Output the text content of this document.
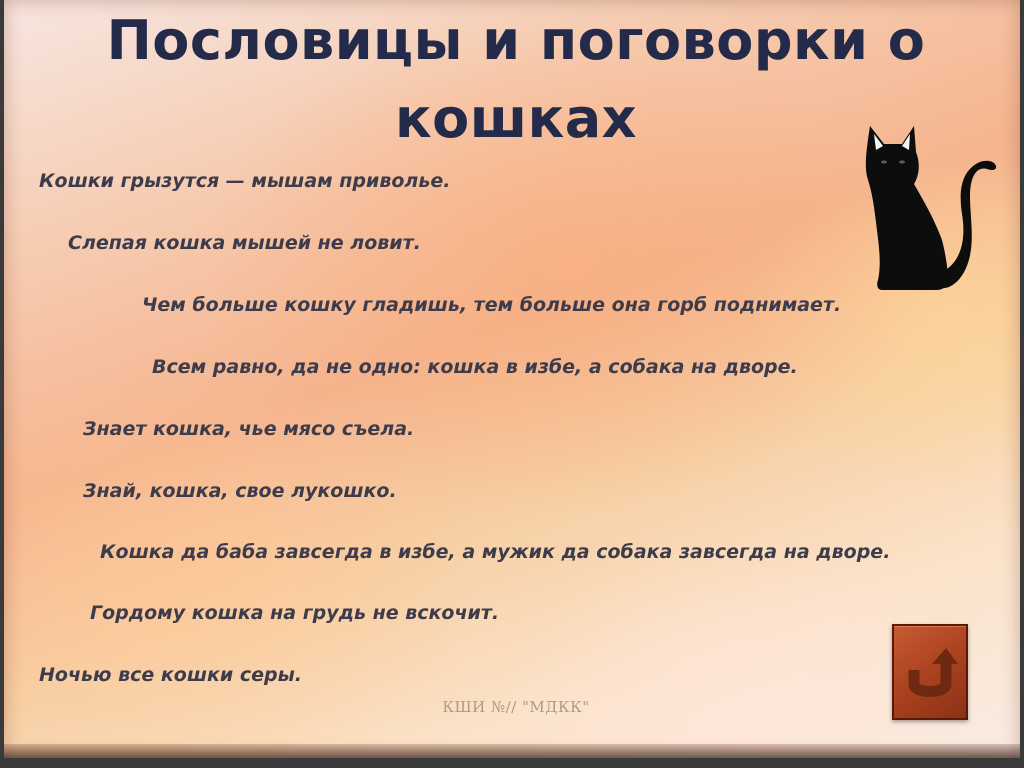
Пословицы и поговорки о
кошках

Кошки грызутся — мышам приволье.

Слепая кошка мышей не ловит.

Чем больше кошку гладишь, тем больше она горб поднимает.

Всем равно, да не одно: кошка в избе, а собака на дворе.

Знает кошка, чье мясо съела.

Знай, кошка, свое лукошко.

Кошка да баба завсегда в избе, а мужик да собака завсегда на дворе.

Гордому кошка на грудь не вскочит.

Ночью все кошки серы.

КШИ №// "МДКК"
